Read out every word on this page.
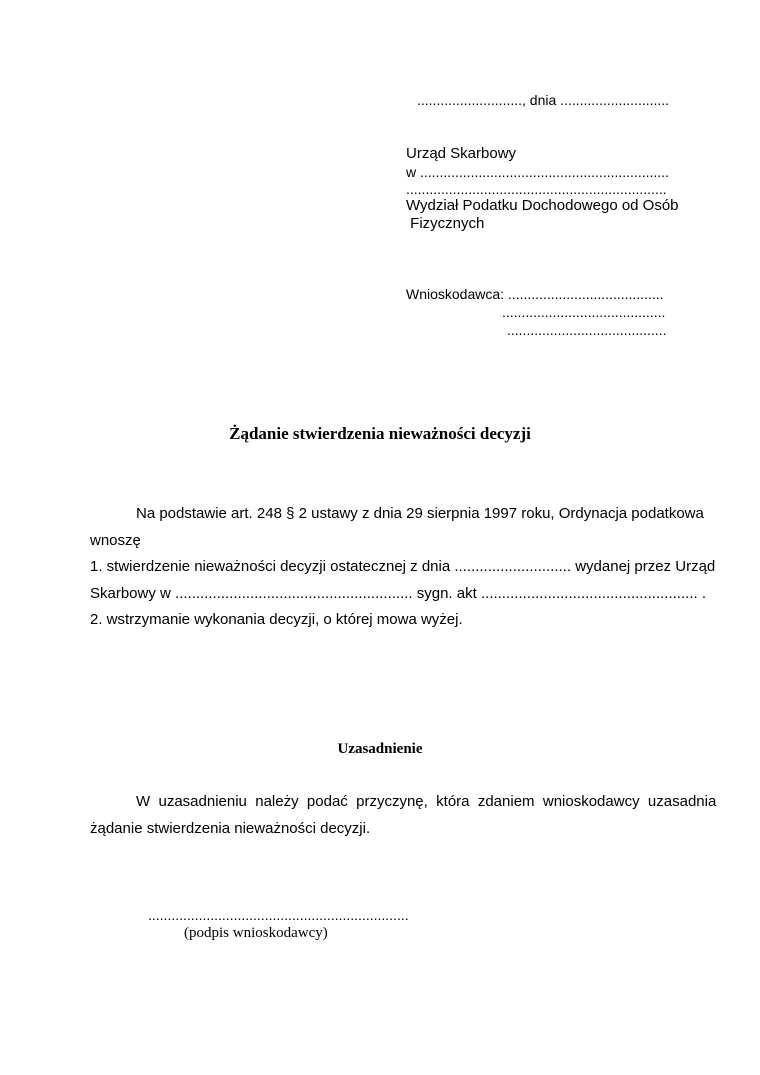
..........................., dnia ............................
Urząd Skarbowy
w ................................................................
...................................................................
Wydział Podatku Dochodowego od Osób
Fizycznych
Wnioskodawca: ........................................
..........................................
.........................................
Żądanie stwierdzenia nieważności decyzji
Na podstawie art. 248 § 2 ustawy z dnia 29 sierpnia 1997 roku, Ordynacja podatkowa
wnoszę
1. stwierdzenie nieważności decyzji ostatecznej z dnia ............................ wydanej przez Urząd
Skarbowy w ......................................................... sygn. akt .................................................... .
2. wstrzymanie wykonania decyzji, o której mowa wyżej.
Uzasadnienie
W  uzasadnieniu  należy  podać  przyczynę,  która  zdaniem  wnioskodawcy  uzasadnia
żądanie stwierdzenia nieważności decyzji.
...................................................................
(podpis wnioskodawcy)
